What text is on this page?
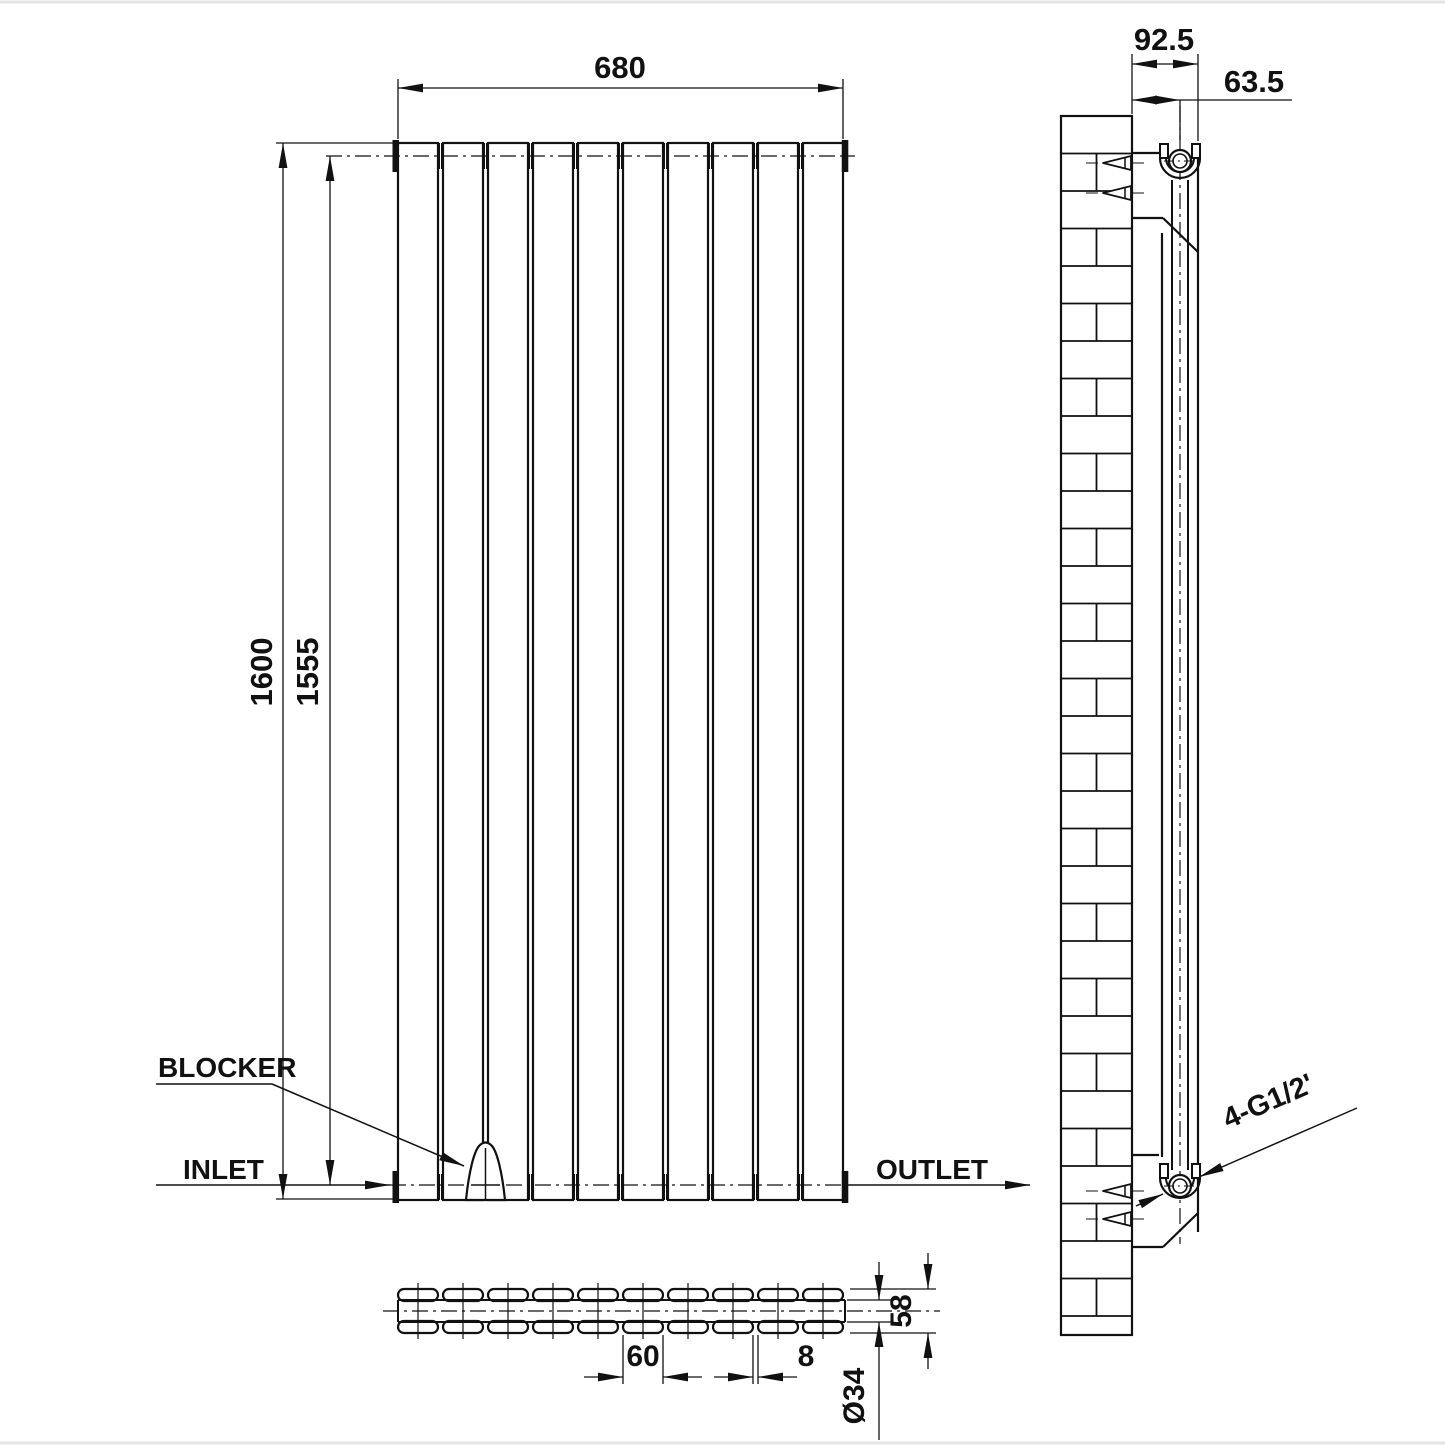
680
1600 1555
BLOCKER
INLET	OUTLET
92.5
63.5
4-G1/2'
60	8
58
Ø34
